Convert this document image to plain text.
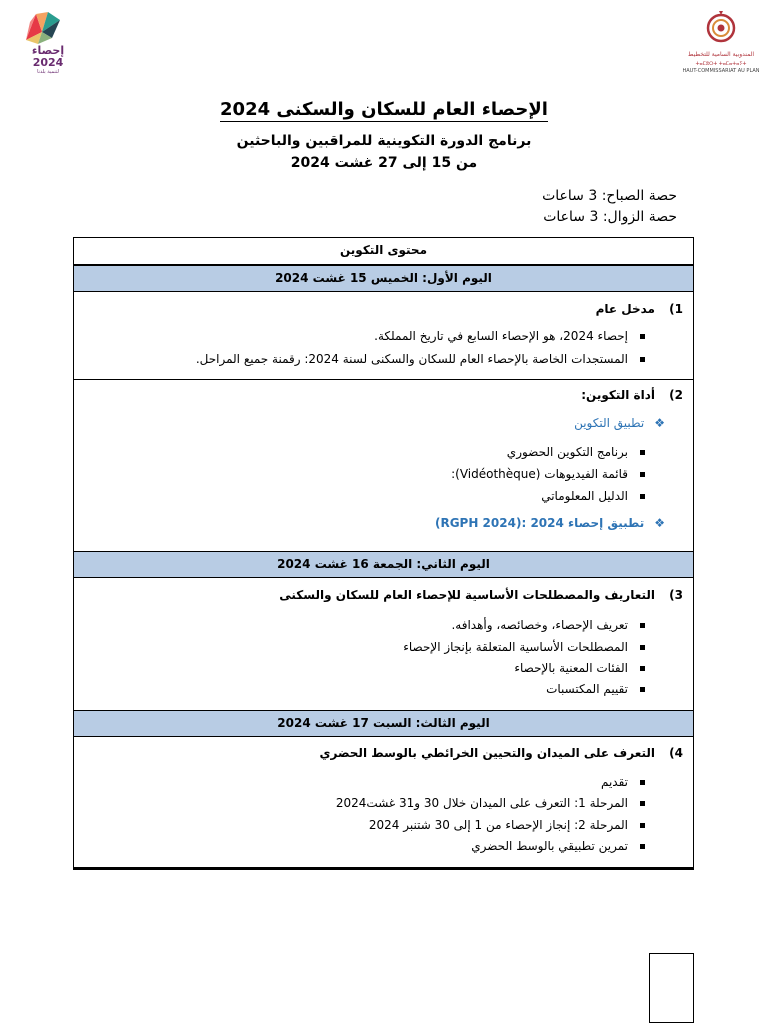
إحصاء
2024
لتنمية بلدنا
المندوبية السامية للتخطيط
ⵜⴰⵎⵓⵔⵜ ⵜⴰⵎⴰⵜⴰⵢⵜ
HAUT-COMMISSARIAT AU PLAN
الإحصاء العام للسكان والسكنى 2024
برنامج الدورة التكوينية للمراقبين والباحثين
من 15 إلى 27 غشت 2024
حصة الصباح: 3 ساعات
حصة الزوال: 3 ساعات
محتوى التكوين
اليوم الأول: الخميس 15 غشت 2024
1)مدخل عام
إحصاء 2024، هو الإحصاء السابع في تاريخ المملكة.
المستجدات الخاصة بالإحصاء العام للسكان والسكنى لسنة 2024: رقمنة جميع المراحل.
2)أداة التكوين:
❖تطبيق التكوين
برنامج التكوين الحضوري
قائمة الفيديوهات (Vidéothèque):
الدليل المعلوماتي
❖تطبيق إحصاء 2024 :(RGPH 2024)
اليوم الثاني: الجمعة 16 غشت 2024
3)التعاريف والمصطلحات الأساسية للإحصاء العام للسكان والسكنى
تعريف الإحصاء، وخصائصه، وأهدافه.
المصطلحات الأساسية المتعلقة بإنجاز الإحصاء
الفئات المعنية بالإحصاء
تقييم المكتسبات
اليوم الثالث: السبت 17 غشت 2024
4)التعرف على الميدان والتحيين الخرائطي بالوسط الحضري
تقديم
المرحلة 1: التعرف على الميدان خلال 30 و31 غشت2024
المرحلة 2: إنجاز الإحصاء من 1 إلى 30 شتنبر 2024
تمرين تطبيقي بالوسط الحضري
